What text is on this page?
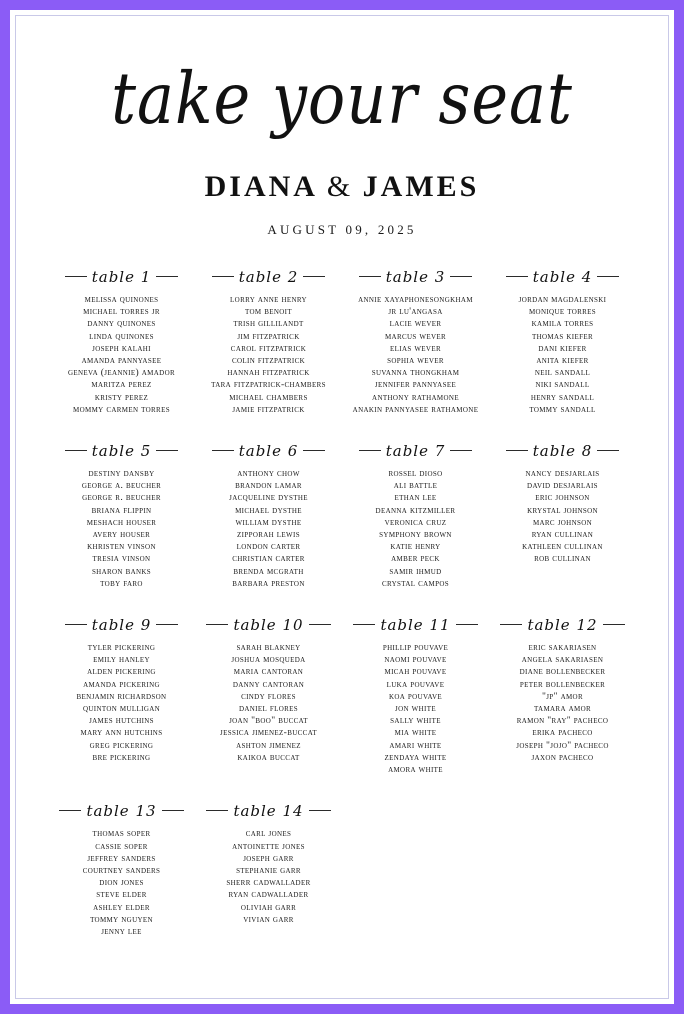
take your seat
DIANA & JAMES
AUGUST 09, 2025
table 1
melissa quinones
michael torres jr
danny quinones
linda quinones
joseph kalahi
amanda pannyasee
geneva (jeannie) amador
maritza perez
kristy perez
mommy carmen torres
table 2
lorry anne henry
tom benoit
trish gillilandt
jim fitzpatrick
carol fitzpatrick
colin fitzpatrick
hannah fitzpatrick
tara fitzpatrick-chambers
michael chambers
jamie fitzpatrick
table 3
annie xayaphonesongkham
jr lu'angasa
lacie wever
marcus wever
elias wever
sophia wever
suvanna thongkham
jennifer pannyasee
anthony rathamone
anakin pannyasee rathamone
table 4
jordan magdalenski
monique torres
kamila torres
thomas kiefer
dani kiefer
anita kiefer
neil sandall
niki sandall
henry sandall
tommy sandall
table 5
destiny dansby
george a. beucher
george r. beucher
briana flippin
meshach houser
avery houser
khristen vinson
tresia vinson
sharon banks
toby faro
table 6
anthony chow
brandon lamar
jacqueline dysthe
michael dysthe
william dysthe
zipporah lewis
london carter
christian carter
brenda mcgrath
barbara preston
table 7
rossel dioso
ali battle
ethan lee
deanna kitzmiller
veronica cruz
symphony brown
katie henry
amber peck
samir ihmud
crystal campos
table 8
nancy desjarlais
david desjarlais
eric johnson
krystal johnson
marc johnson
ryan cullinan
kathleen cullinan
rob cullinan
table 9
tyler pickering
emily hanley
alden pickering
amanda pickering
benjamin richardson
quinton mulligan
james hutchins
mary ann hutchins
greg pickering
bre pickering
table 10
sarah blakney
joshua mosqueda
maria cantoran
danny cantoran
cindy flores
daniel flores
joan "boo" buccat
jessica jimenez-buccat
ashton jimenez
kaikoa buccat
table 11
phillip pouvave
naomi pouvave
micah pouvave
luka pouvave
koa pouvave
jon white
sally white
mia white
amari white
zendaya white
amora white
table 12
eric sakariasen
angela sakariasen
diane bollenbecker
peter bollenbecker
"jp" amor
tamara amor
ramon "ray" pacheco
erika pacheco
joseph "jojo" pacheco
jaxon pacheco
table 13
thomas soper
cassie soper
jeffrey sanders
courtney sanders
dion jones
steve elder
ashley elder
tommy nguyen
jenny lee
table 14
carl jones
antoinette jones
joseph garr
stephanie garr
sherr cadwallader
ryan cadwallader
oliviah garr
vivian garr
